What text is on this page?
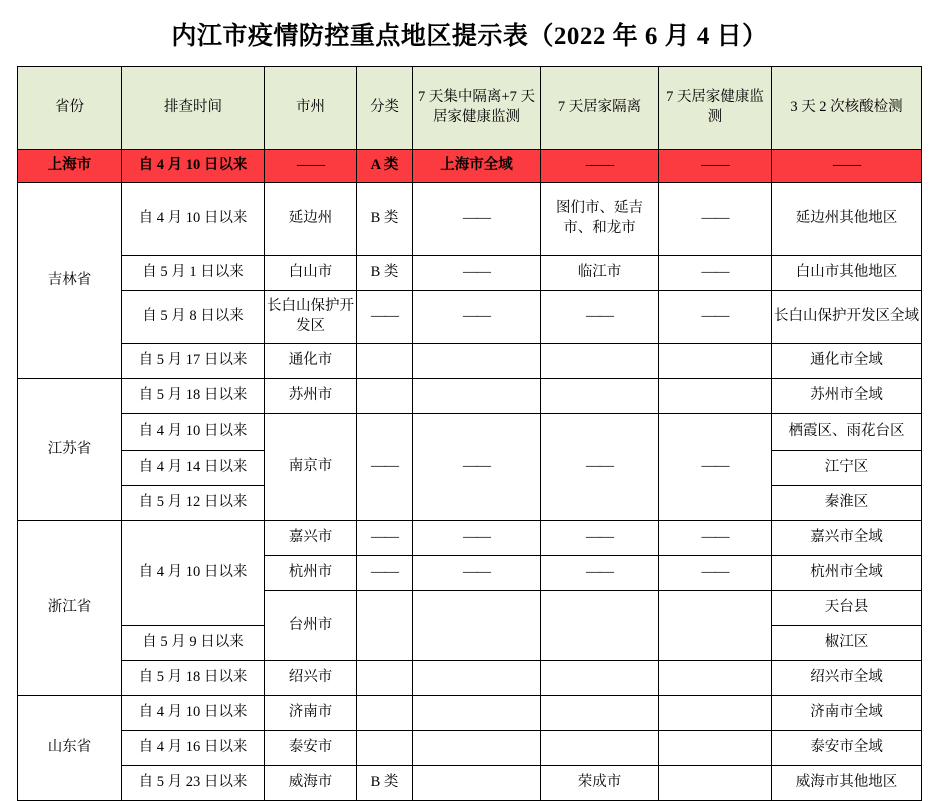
内江市疫情防控重点地区提示表（2022 年 6 月 4 日）
省份	排查时间	市州	分类	7 天集中隔离+7 天居家健康监测	7 天居家隔离	7 天居家健康监测	3 天 2 次核酸检测
上海市	自 4 月 10 日以来	——	A 类	上海市全域	——	——	——
吉林省	自 4 月 10 日以来	延边州	B 类	——	图们市、延吉市、和龙市	——	延边州其他地区
	自 5 月 1 日以来	白山市	B 类	——	临江市	——	白山市其他地区
	自 5 月 8 日以来	长白山保护开发区	——	——	——	——	长白山保护开发区全域
	自 5 月 17 日以来	通化市					通化市全域
江苏省	自 5 月 18 日以来	苏州市					苏州市全域
	自 4 月 10 日以来	南京市	——	——	——	——	栖霞区、雨花台区
	自 4 月 14 日以来						江宁区
	自 5 月 12 日以来						秦淮区
浙江省	自 4 月 10 日以来	嘉兴市	——	——	——	——	嘉兴市全域
		杭州市	——	——	——	——	杭州市全域
		台州市					天台县
	自 5 月 9 日以来						椒江区
	自 5 月 18 日以来	绍兴市					绍兴市全域
山东省	自 4 月 10 日以来	济南市					济南市全域
	自 4 月 16 日以来	泰安市					泰安市全域
	自 5 月 23 日以来	威海市	B 类		荣成市		威海市其他地区
